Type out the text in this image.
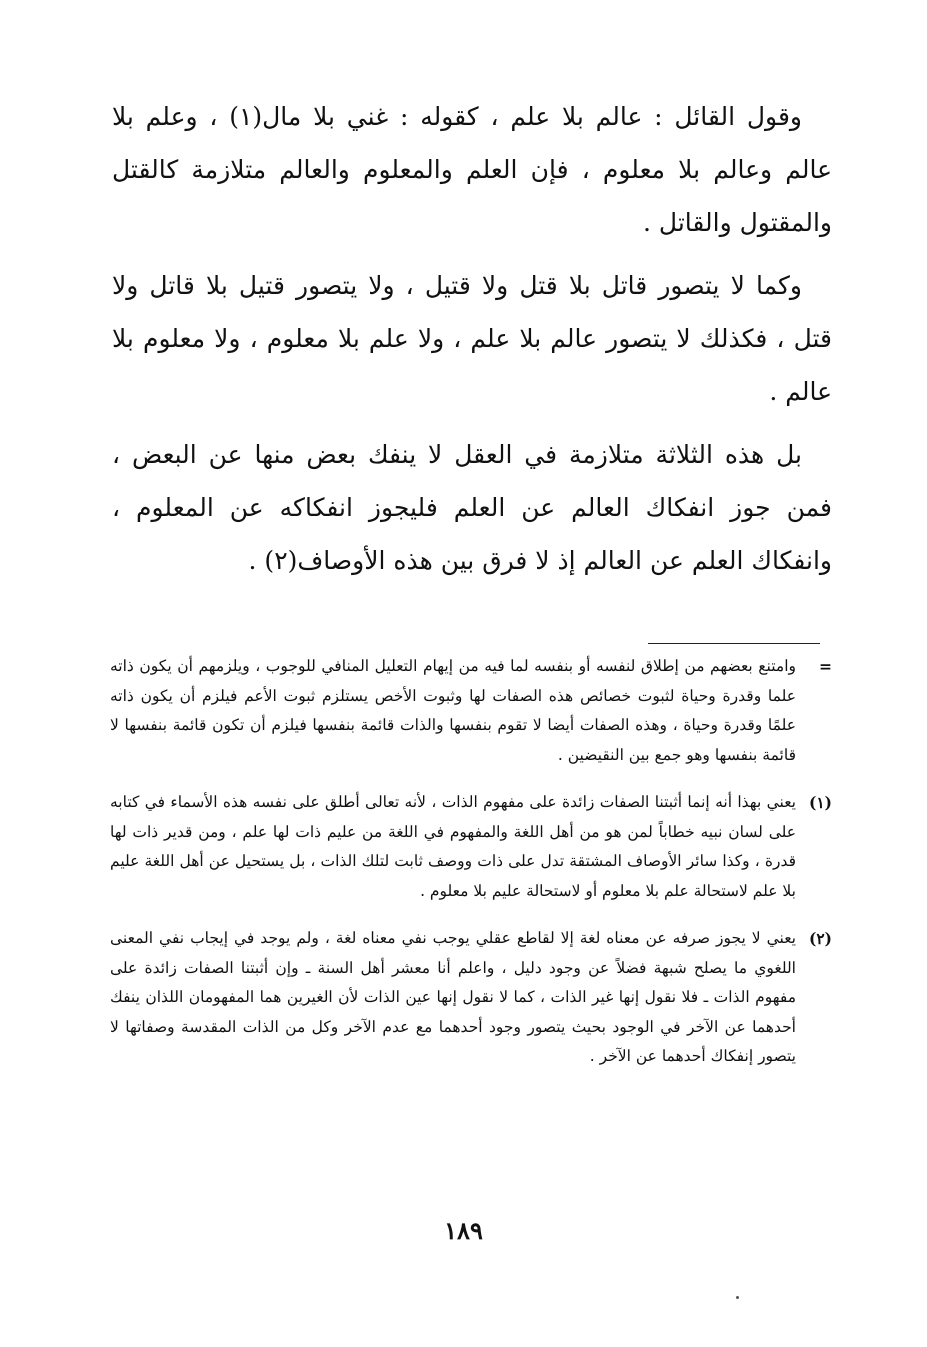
وقول القائل : عالم بلا علم ، كقوله : غني بلا مال(١) ، وعلم بلا عالم وعالم بلا معلوم ، فإن العلم والمعلوم والعالم متلازمة كالقتل والمقتول والقاتل .

وكما لا يتصور قاتل بلا قتل ولا قتيل ، ولا يتصور قتيل بلا قاتل ولا قتل ، فكذلك لا يتصور عالم بلا علم ، ولا علم بلا معلوم ، ولا معلوم بلا عالم .

بل هذه الثلاثة متلازمة في العقل لا ينفك بعض منها عن البعض ، فمن جوز انفكاك العالم عن العلم فليجوز انفكاكه عن المعلوم ، وانفكاك العلم عن العالم إذ لا فرق بين هذه الأوصاف(٢) .

=
وامتنع بعضهم من إطلاق لنفسه أو بنفسه لما فيه من إيهام التعليل المنافي للوجوب ، ويلزمهم أن يكون ذاته علما وقدرة وحياة لثبوت خصائص هذه الصفات لها وثبوت الأخص يستلزم ثبوت الأعم فيلزم أن يكون ذاته علمًا وقدرة وحياة ، وهذه الصفات أيضا لا تقوم بنفسها والذات قائمة بنفسها فيلزم أن تكون قائمة بنفسها لا قائمة بنفسها وهو جمع بين النقيضين .
(١)
يعني بهذا أنه إنما أثبتنا الصفات زائدة على مفهوم الذات ، لأنه تعالى أطلق على نفسه هذه الأسماء في كتابه على لسان نبيه خطاباً لمن هو من أهل اللغة والمفهوم في اللغة من عليم ذات لها علم ، ومن قدير ذات لها قدرة ، وكذا سائر الأوصاف المشتقة تدل على ذات ووصف ثابت لتلك الذات ، بل يستحيل عن أهل اللغة عليم بلا علم لاستحالة علم بلا معلوم أو لاستحالة عليم بلا معلوم .
(٢)
يعني لا يجوز صرفه عن معناه لغة إلا لقاطع عقلي يوجب نفي معناه لغة ، ولم يوجد في إيجاب نفي المعنى اللغوي ما يصلح شبهة فضلاً عن وجود دليل ، واعلم أنا معشر أهل السنة ـ وإن أثبتنا الصفات زائدة على مفهوم الذات ـ فلا نقول إنها غير الذات ، كما لا نقول إنها عين الذات لأن الغيرين هما المفهومان اللذان ينفك أحدهما عن الآخر في الوجود بحيث يتصور وجود أحدهما مع عدم الآخر وكل من الذات المقدسة وصفاتها لا يتصور إنفكاك أحدهما عن الآخر .
١٨٩
